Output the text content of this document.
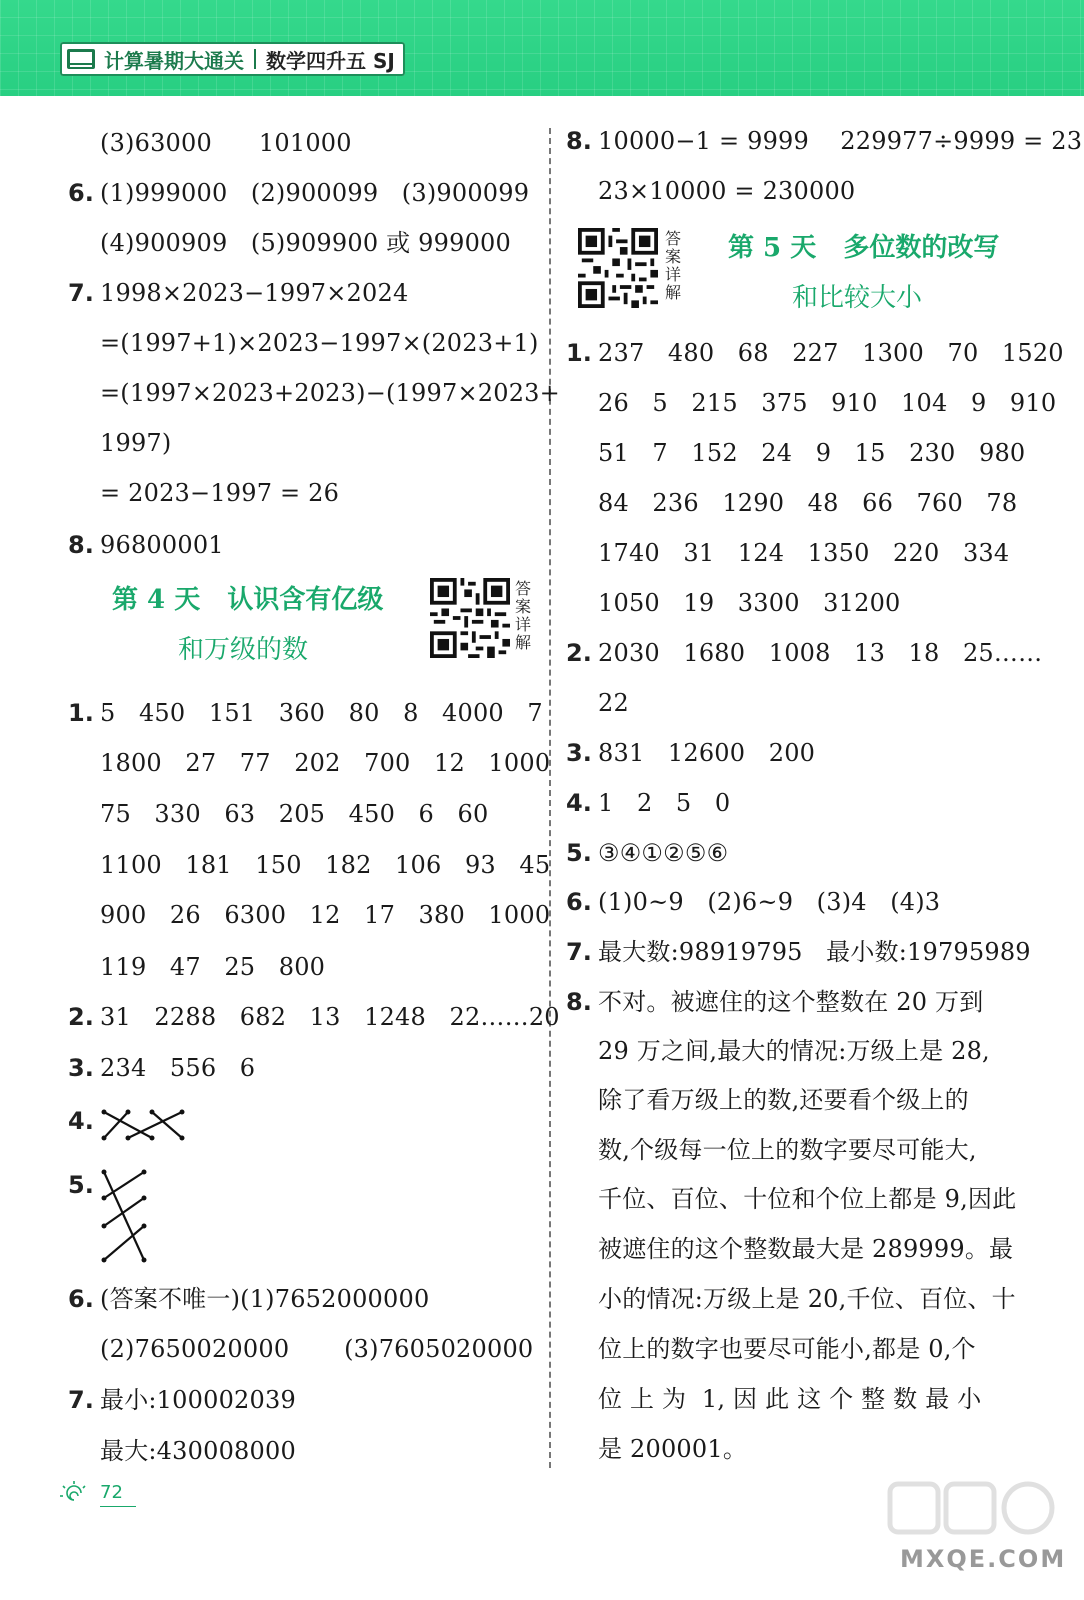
计算暑期大通关 数学四升五 SJ
(3)63000      101000
6. (1)999000   (2)900099   (3)900099
(4)900909   (5)909900 或 999000
7. 1998×2023−1997×2024
=(1997+1)×2023−1997×(2023+1)
=(1997×2023+2023)−(1997×2023+
1997)
= 2023−1997 = 26
8. 96800001
第 4 天   认识含有亿级
和万级的数
答
案
详
解
1. 5   450   151   360   80   8   4000   7
1800   27   77   202   700   12   1000
75   330   63   205   450   6   60
1100   181   150   182   106   93   45
900   26   6300   12   17   380   1000
119   47   25   800
2. 31   2288   682   13   1248   22……20
3. 234   556   6
4.
5.
6. (答案不唯一)(1)7652000000
(2)7650020000       (3)7605020000
7. 最小:100002039
最大:430008000
8. 10000−1 = 9999    229977÷9999 = 23
23×10000 = 230000
答
案
详
解
第 5 天   多位数的改写
和比较大小
1. 237   480   68   227   1300   70   1520
26   5   215   375   910   104   9   910
51   7   152   24   9   15   230   980
84   236   1290   48   66   760   78
1740   31   124   1350   220   334
1050   19   3300   31200
2. 2030   1680   1008   13   18   25……
22
3. 831   12600   200
4. 1   2   5   0
5. ③④①②⑤⑥
6. (1)0~9   (2)6~9   (3)4   (4)3
7. 最大数:98919795   最小数:19795989
8. 不对。被遮住的这个整数在 20 万到
29 万之间,最大的情况:万级上是 28,
除了看万级上的数,还要看个级上的
数,个级每一位上的数字要尽可能大,
千位、百位、十位和个位上都是 9,因此
被遮住的这个整数最大是 289999。最
小的情况:万级上是 20,千位、百位、十
位上的数字也要尽可能小,都是 0,个
位 上 为  1, 因 此 这 个 整 数 最 小
是 200001。
72
MXQE.COM
